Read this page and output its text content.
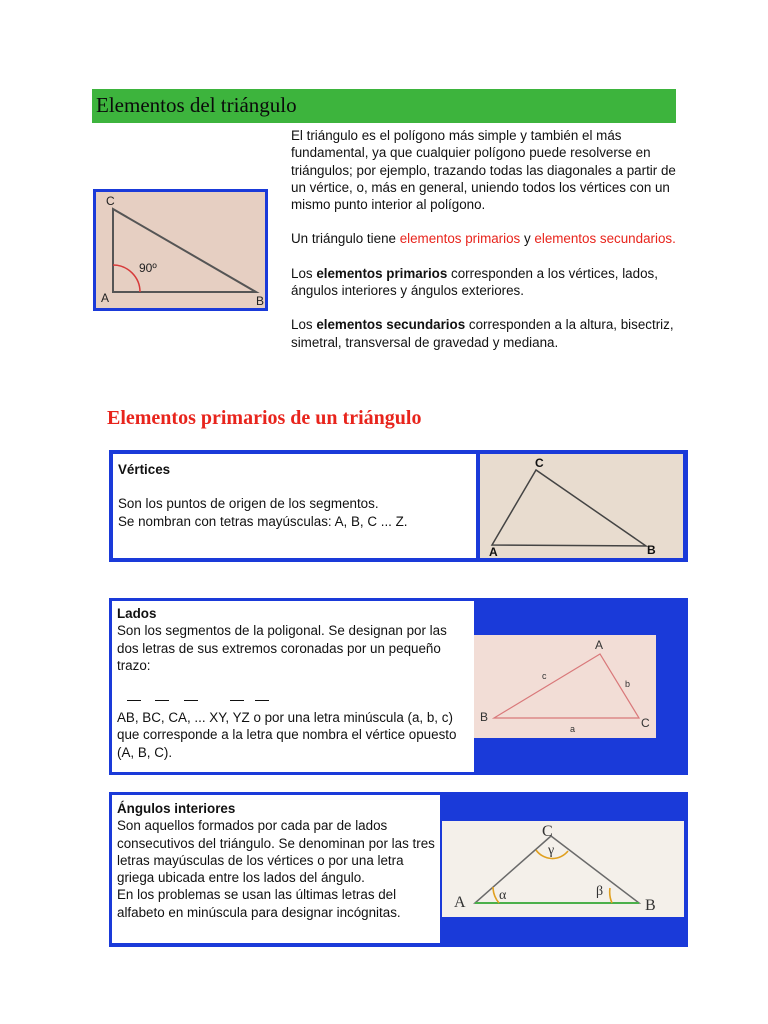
Elementos del triángulo

El triángulo es el polígono más simple y también el más fundamental, ya que cualquier polígono puede resolverse en triángulos; por ejemplo, trazando todas las diagonales a partir de un vértice, o, más en general, uniendo todos los vértices con un mismo punto interior al polígono.

Un triángulo tiene elementos primarios y elementos secundarios.

Los elementos primarios corresponden a los vértices, lados, ángulos interiores y ángulos exteriores.

Los elementos secundarios corresponden a la altura, bisectriz, simetral, transversal de gravedad y mediana.

C
A	B
90º
Elementos primarios de un triángulo
Vértices
Son los puntos de origen de los segmentos.
Se nombran con tetras mayúsculas: A, B, C ... Z.
C
A	B
Lados
Son los segmentos de la poligonal. Se designan por las dos letras de sus extremos coronadas por un pequeño trazo:
AB, BC, CA, ... XY, YZ o por una letra minúscula (a, b, c) que corresponde a la letra que nombra el vértice opuesto (A, B, C).
A
B	C
a
b
c
Ángulos interiores
Son aquellos formados por cada par de lados consecutivos del triángulo. Se denominan por las tres letras mayúsculas de los vértices o por una letra griega ubicada entre los lados del ángulo.
En los problemas se usan las últimas letras del alfabeto en minúscula para designar incógnitas.
C
A	B
α	β
γ
